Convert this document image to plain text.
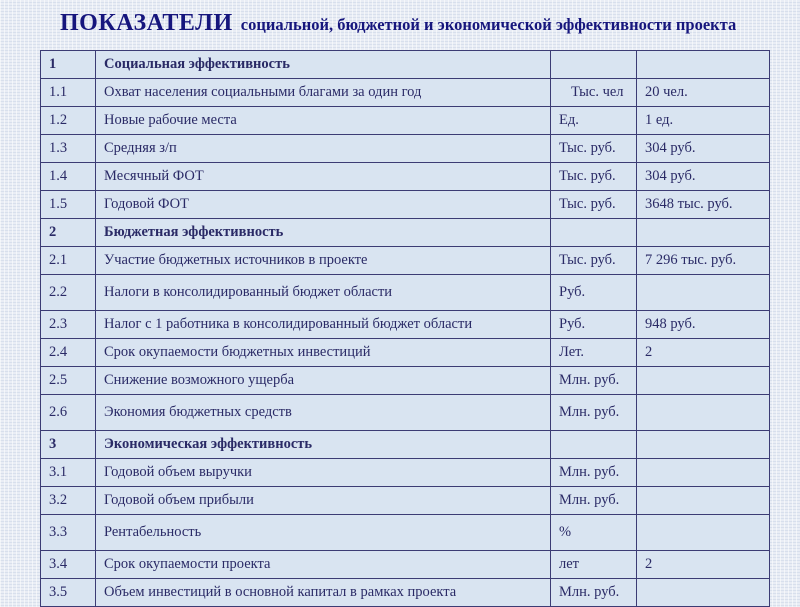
ПОКАЗАТЕЛИ социальной, бюджетной и экономической эффективности проекта
1	Социальная эффективность		
1.1	Охват населения социальными благами за один год	Тыс. чел	20 чел.
1.2	Новые рабочие места	Ед.	1 ед.
1.3	Средняя з/п	Тыс. руб.	304 руб.
1.4	Месячный ФОТ	Тыс. руб.	304 руб.
1.5	Годовой ФОТ	Тыс. руб.	3648 тыс. руб.
2	Бюджетная эффективность		
2.1	Участие бюджетных источников в проекте	Тыс. руб.	7 296 тыс. руб.
2.2	Налоги в консолидированный бюджет области	Руб.	
2.3	Налог с 1 работника в консолидированный бюджет области	Руб.	948 руб.
2.4	Срок окупаемости бюджетных инвестиций	Лет.	2
2.5	Снижение возможного ущерба	Млн. руб.	
2.6	Экономия бюджетных средств	Млн. руб.	
3	Экономическая эффективность		
3.1	Годовой объем выручки	Млн. руб.	
3.2	Годовой объем прибыли	Млн. руб.	
3.3	Рентабельность	%	
3.4	Срок окупаемости проекта	лет	2
3.5	Объем инвестиций в основной капитал в рамках проекта	Млн. руб.	
